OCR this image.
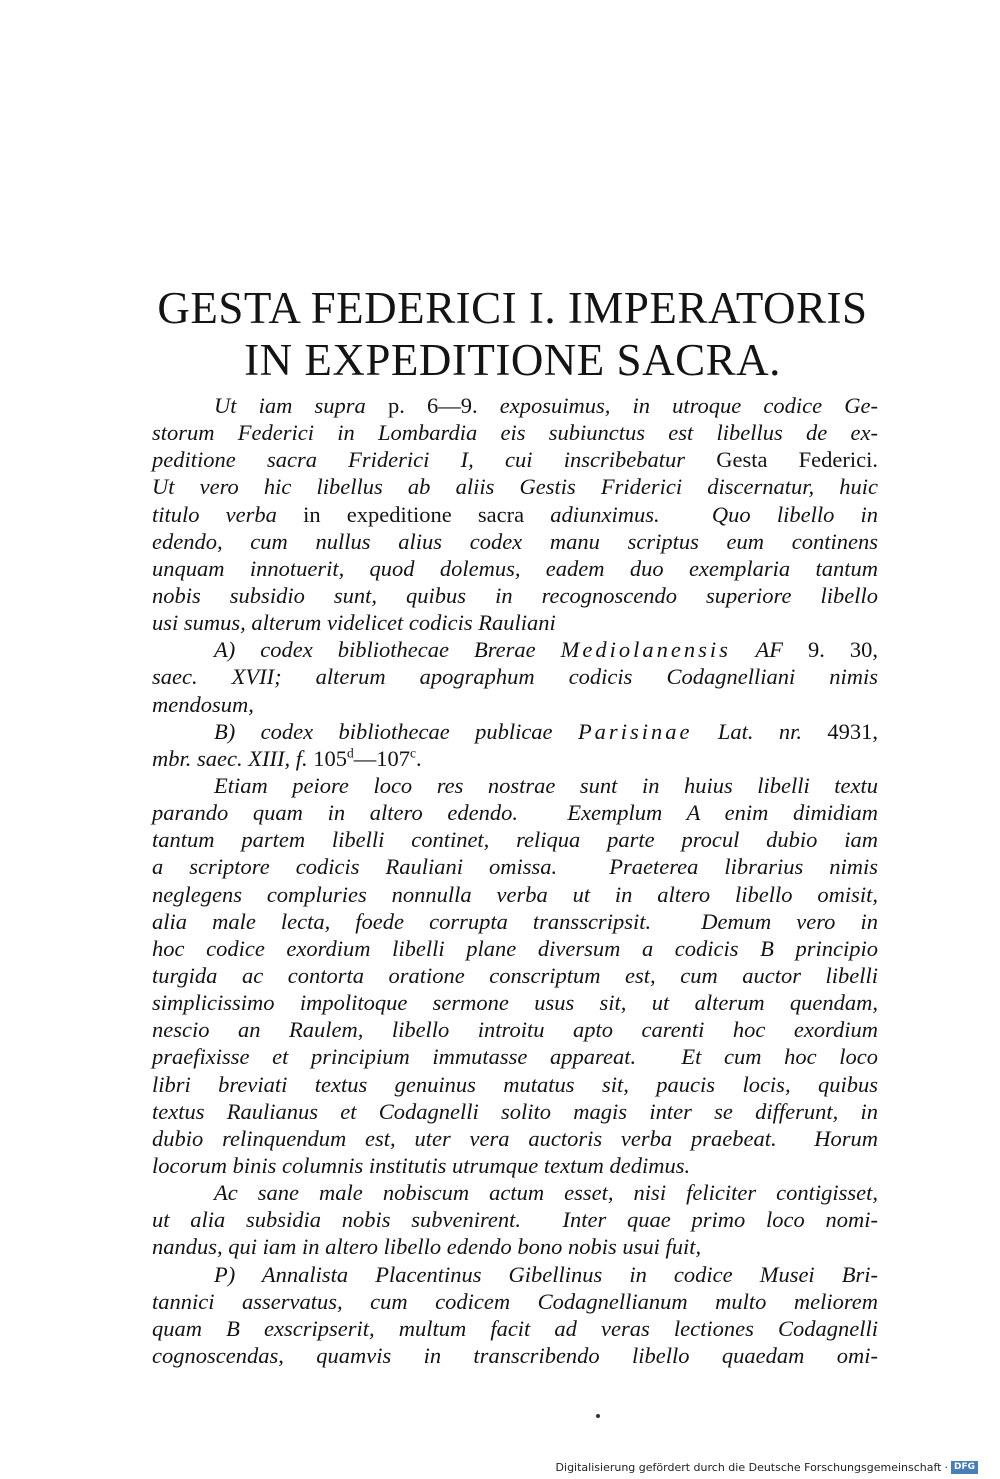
GESTA FEDERICI I. IMPERATORIS
IN EXPEDITIONE SACRA.
Ut iam supra p. 6—9. exposuimus, in utroque codice Ge-
storum Federici in Lombardia eis subiunctus est libellus de ex-
peditione sacra Friderici I, cui inscribebatur Gesta Federici.
Ut vero hic libellus ab aliis Gestis Friderici discernatur, huic
titulo verba in expeditione sacra adiunximus.  Quo libello in
edendo, cum nullus alius codex manu scriptus eum continens
unquam innotuerit, quod dolemus, eadem duo exemplaria tantum
nobis subsidio sunt, quibus in recognoscendo superiore libello
usi sumus, alterum videlicet codicis Rauliani
A) codex bibliothecae Brerae Mediolanensis AF 9. 30,
saec. XVII; alterum apographum codicis Codagnelliani nimis
mendosum,
B) codex bibliothecae publicae Parisinae Lat. nr. 4931,
mbr. saec. XIII, f. 105$^d$—107$^c$.
Etiam peiore loco res nostrae sunt in huius libelli textu
parando quam in altero edendo.  Exemplum A enim dimidiam
tantum partem libelli continet, reliqua parte procul dubio iam
a scriptore codicis Rauliani omissa.  Praeterea librarius nimis
neglegens compluries nonnulla verba ut in altero libello omisit,
alia male lecta, foede corrupta transscripsit.  Demum vero in
hoc codice exordium libelli plane diversum a codicis B principio
turgida ac contorta oratione conscriptum est, cum auctor libelli
simplicissimo impolitoque sermone usus sit, ut alterum quendam,
nescio an Raulem, libello introitu apto carenti hoc exordium
praefixisse et principium immutasse appareat.  Et cum hoc loco
libri breviati textus genuinus mutatus sit, paucis locis, quibus
textus Raulianus et Codagnelli solito magis inter se differunt, in
dubio relinquendum est, uter vera auctoris verba praebeat.  Horum
locorum binis columnis institutis utrumque textum dedimus.
Ac sane male nobiscum actum esset, nisi feliciter contigisset,
ut alia subsidia nobis subvenirent.  Inter quae primo loco nomi-
nandus, qui iam in altero libello edendo bono nobis usui fuit,
P) Annalista Placentinus Gibellinus in codice Musei Bri-
tannici asservatus, cum codicem Codagnellianum multo meliorem
quam B exscripserit, multum facit ad veras lectiones Codagnelli
cognoscendas, quamvis in transcribendo libello quaedam omi-
Digitalisierung gefördert durch die Deutsche Forschungsgemeinschaft · DFG
